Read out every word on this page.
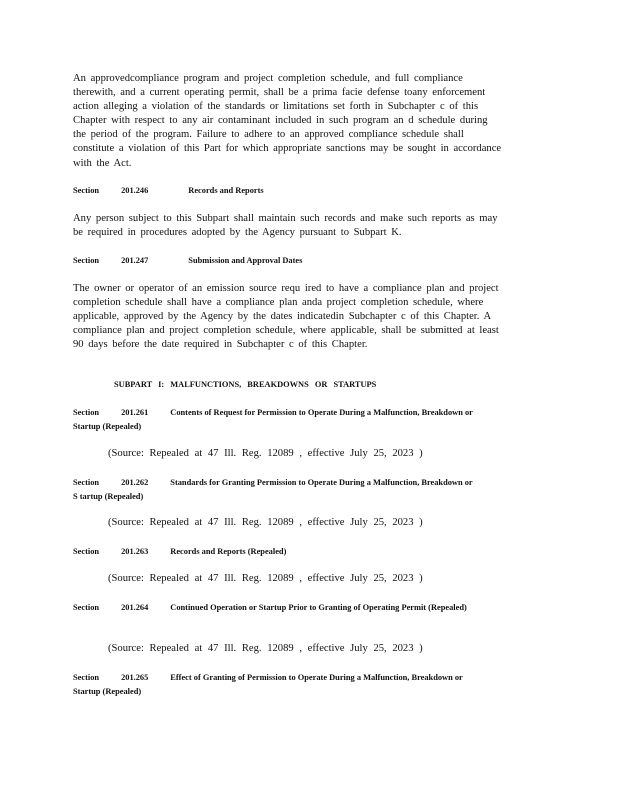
An approvedcompliance program and project completion schedule, and full compliance therewith, and a current operating permit, shall be a prima facie defense toany enforcement action alleging a violation of the standards or limitations set forth in Subchapter c of this Chapter with respect to any air contaminant included in such program an d schedule during the period of the program. Failure to adhere to an approved compliance schedule shall constitute a violation of this Part for which appropriate sanctions may be sought in accordance with the Act.

Section	201.246	Records and Reports

Any person subject to this Subpart shall maintain such records and make such reports as may be required in procedures adopted by the Agency pursuant to Subpart K.

Section	201.247	Submission and Approval Dates

The owner or operator of an emission source requ ired to have a compliance plan and project completion schedule shall have a compliance plan anda project completion schedule, where applicable, approved by the Agency by the dates indicatedin Subchapter c of this Chapter. A compliance plan and project completion schedule, where applicable, shall be submitted at least 90 days before the date required in Subchapter c of this Chapter.

SUBPART I: MALFUNCTIONS, BREAKDOWNS OR STARTUPS

Section	201.261	Contents of Request for Permission to Operate During a Malfunction, Breakdown or Startup (Repealed)

(Source: Repealed at 47 Ill. Reg. 12089 , effective July 25, 2023 )

Section	201.262	Standards for Granting Permission to Operate During a Malfunction, Breakdown or S tartup (Repealed)

(Source: Repealed at 47 Ill. Reg. 12089 , effective July 25, 2023 )

Section	201.263	Records and Reports (Repealed)

(Source: Repealed at 47 Ill. Reg. 12089 , effective July 25, 2023 )

Section	201.264	Continued Operation or Startup Prior to Granting of Operating Permit (Repealed)

(Source: Repealed at 47 Ill. Reg. 12089 , effective July 25, 2023 )

Section	201.265	Effect of Granting of Permission to Operate During a Malfunction, Breakdown or Startup (Repealed)
